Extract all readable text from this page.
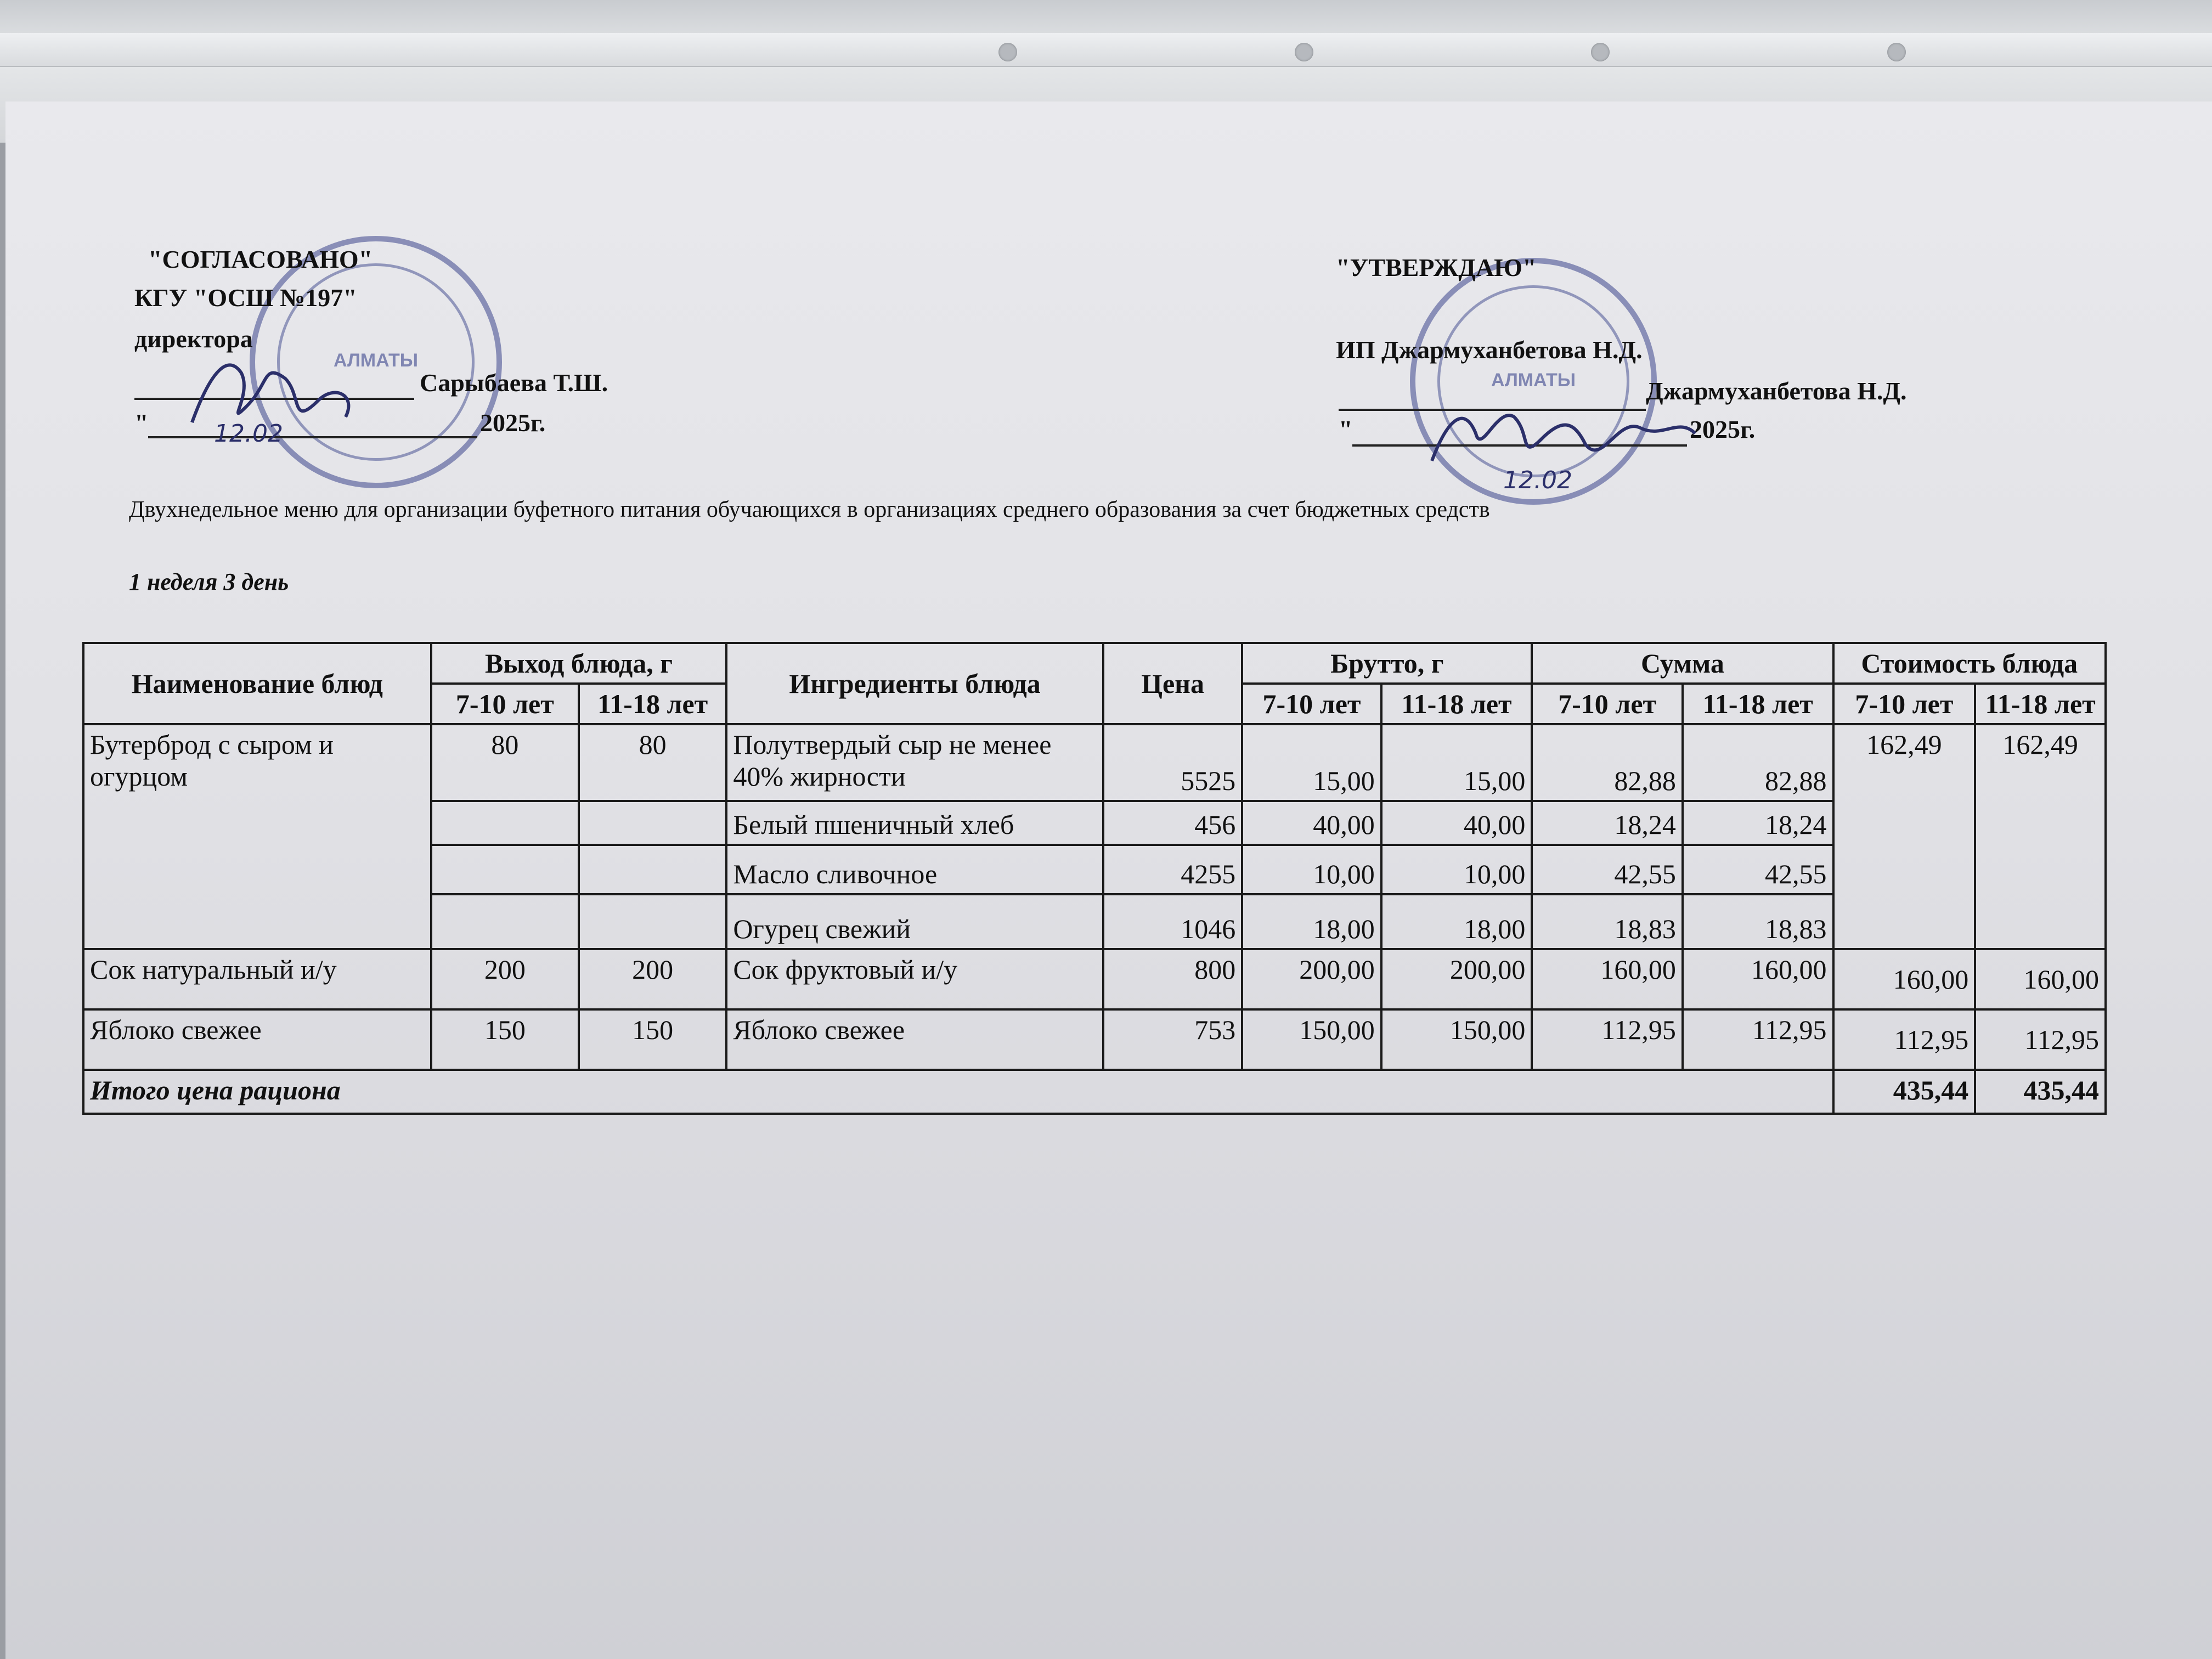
АЛМАТЫ
АЛМАТЫ
"СОГЛАСОВАНО"
КГУ "ОСШ №197"
директора
Сарыбаева Т.Ш.
"	2025г.
12.02
"УТВЕРЖДАЮ"
ИП Джармуханбетова Н.Д.
Джармуханбетова Н.Д.
"	2025г.
12.02
Двухнедельное меню для организации буфетного питания обучающихся в организациях среднего образования за счет бюджетных средств
1 неделя 3 день
Наименование блюд	Выход блюда, г		Ингредиенты блюда	Цена	Брутто, г		Сумма		Стоимость блюда	
	7-10 лет	11-18 лет			7-10 лет	11-18 лет	7-10 лет	11-18 лет	7-10 лет	11-18 лет
Бутерброд с сыром и огурцом	80	80	Полутвердый сыр не менее 40% жирности	5525	15,00	15,00	82,88	82,88	162,49	162,49
			Белый пшеничный хлеб	456	40,00	40,00	18,24	18,24		
			Масло сливочное	4255	10,00	10,00	42,55	42,55		
			Огурец свежий	1046	18,00	18,00	18,83	18,83		
Сок натуральный и/у	200	200	Сок фруктовый и/у	800	200,00	200,00	160,00	160,00	160,00	160,00
Яблоко свежее	150	150	Яблоко свежее	753	150,00	150,00	112,95	112,95	112,95	112,95
Итого цена рациона									435,44	435,44
